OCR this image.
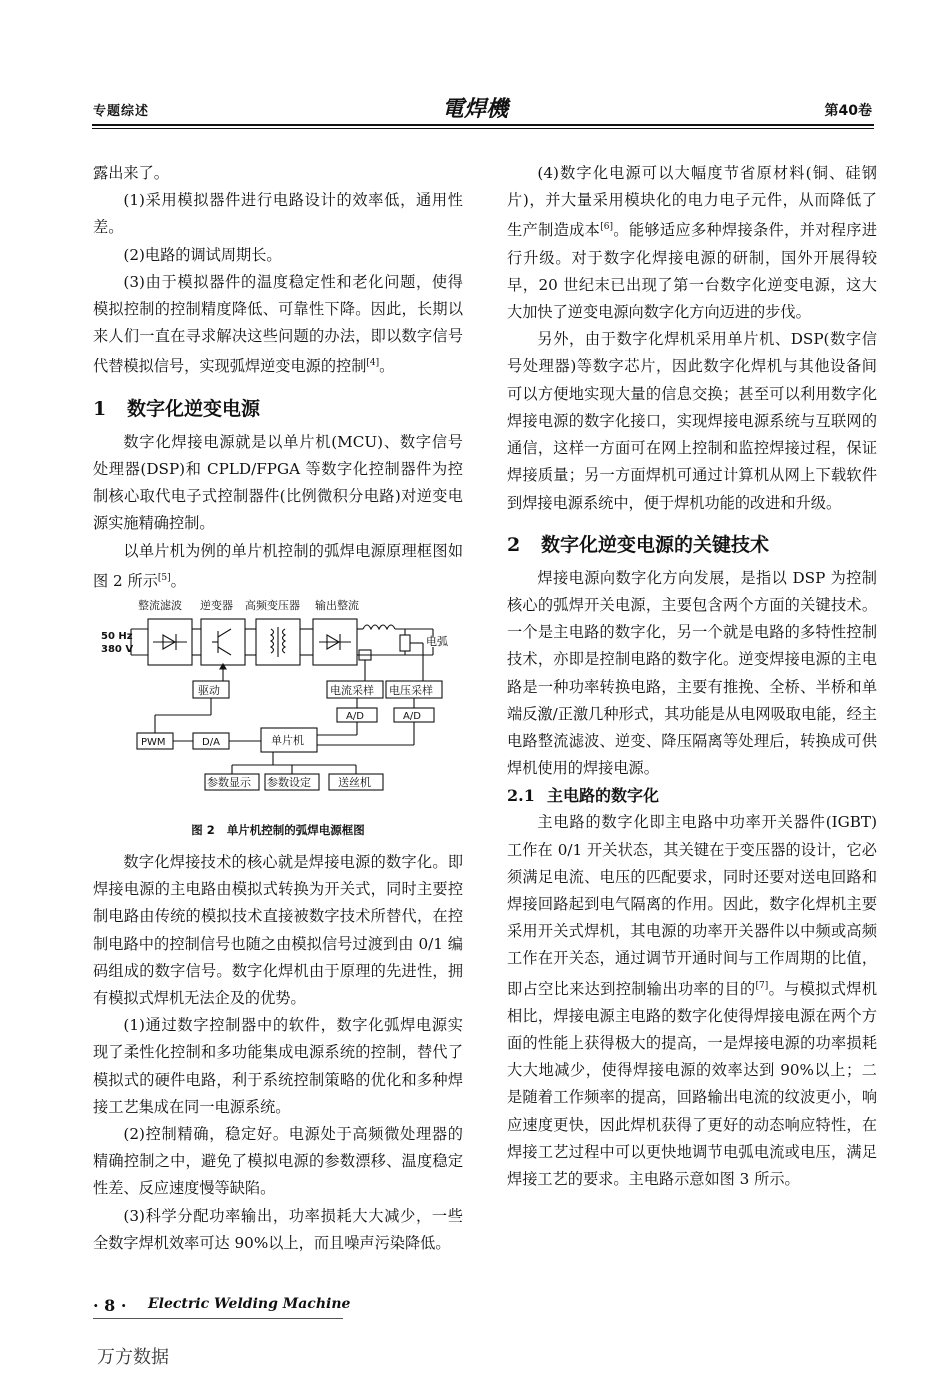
专题综述	電焊機	第40卷

露出来了。

(1)采用模拟器件进行电路设计的效率低，通用性差。

(2)电路的调试周期长。

(3)由于模拟器件的温度稳定性和老化问题，使得模拟控制的控制精度降低、可靠性下降。因此，长期以来人们一直在寻求解决这些问题的办法，即以数字信号代替模拟信号，实现弧焊逆变电源的控制[4]。

1 数字化逆变电源

数字化焊接电源就是以单片机(MCU)、数字信号处理器(DSP)和 CPLD/FPGA 等数字化控制器件为控制核心取代电子式控制器件(比例微积分电路)对逆变电源实施精确控制。

以单片机为例的单片机控制的弧焊电源原理框图如图 2 所示[5]。

整流滤波 逆变器 高频变压器 输出整流
50 Hz
380 V
电弧
驱动	电流采样 电压采样
A/D	A/D
PWM	D/A	单片机
参数显示 参数设定 送丝机

图 2 单片机控制的弧焊电源框图

数字化焊接技术的核心就是焊接电源的数字化。即焊接电源的主电路由模拟式转换为开关式，同时主要控制电路由传统的模拟技术直接被数字技术所替代，在控制电路中的控制信号也随之由模拟信号过渡到由 0/1 编码组成的数字信号。数字化焊机由于原理的先进性，拥有模拟式焊机无法企及的优势。

(1)通过数字控制器中的软件，数字化弧焊电源实现了柔性化控制和多功能集成电源系统的控制，替代了模拟式的硬件电路，利于系统控制策略的优化和多种焊接工艺集成在同一电源系统。

(2)控制精确，稳定好。电源处于高频微处理器的精确控制之中，避免了模拟电源的参数漂移、温度稳定性差、反应速度慢等缺陷。

(3)科学分配功率输出，功率损耗大大减少，一些全数字焊机效率可达 90%以上，而且噪声污染降低。

(4)数字化电源可以大幅度节省原材料(铜、硅钢片)，并大量采用模块化的电力电子元件，从而降低了生产制造成本[6]。能够适应多种焊接条件，并对程序进行升级。对于数字化焊接电源的研制，国外开展得较早，20 世纪末已出现了第一台数字化逆变电源，这大大加快了逆变电源向数字化方向迈进的步伐。

另外，由于数字化焊机采用单片机、DSP(数字信号处理器)等数字芯片，因此数字化焊机与其他设备间可以方便地实现大量的信息交换；甚至可以利用数字化焊接电源的数字化接口，实现焊接电源系统与互联网的通信，这样一方面可在网上控制和监控焊接过程，保证焊接质量；另一方面焊机可通过计算机从网上下载软件到焊接电源系统中，便于焊机功能的改进和升级。

2 数字化逆变电源的关键技术

焊接电源向数字化方向发展，是指以 DSP 为控制核心的弧焊开关电源，主要包含两个方面的关键技术。一个是主电路的数字化，另一个就是电路的多特性控制技术，亦即是控制电路的数字化。逆变焊接电源的主电路是一种功率转换电路，主要有推挽、全桥、半桥和单端反激/正激几种形式，其功能是从电网吸取电能，经主电路整流滤波、逆变、降压隔离等处理后，转换成可供焊机使用的焊接电源。

2.1 主电路的数字化

主电路的数字化即主电路中功率开关器件(IGBT)工作在 0/1 开关状态，其关键在于变压器的设计，它必须满足电流、电压的匹配要求，同时还要对送电回路和焊接回路起到电气隔离的作用。因此，数字化焊机主要采用开关式焊机，其电源的功率开关器件以中频或高频工作在开关态，通过调节开通时间与工作周期的比值，即占空比来达到控制输出功率的目的[7]。与模拟式焊机相比，焊接电源主电路的数字化使得焊接电源在两个方面的性能上获得极大的提高，一是焊接电源的功率损耗大大地减少，使得焊接电源的效率达到 90%以上；二是随着工作频率的提高，回路输出电流的纹波更小，响应速度更快，因此焊机获得了更好的动态响应特性，在焊接工艺过程中可以更快地调节电弧电流或电压，满足焊接工艺的要求。主电路示意如图 3 所示。

· 8 · Electric Welding Machine
万方数据
